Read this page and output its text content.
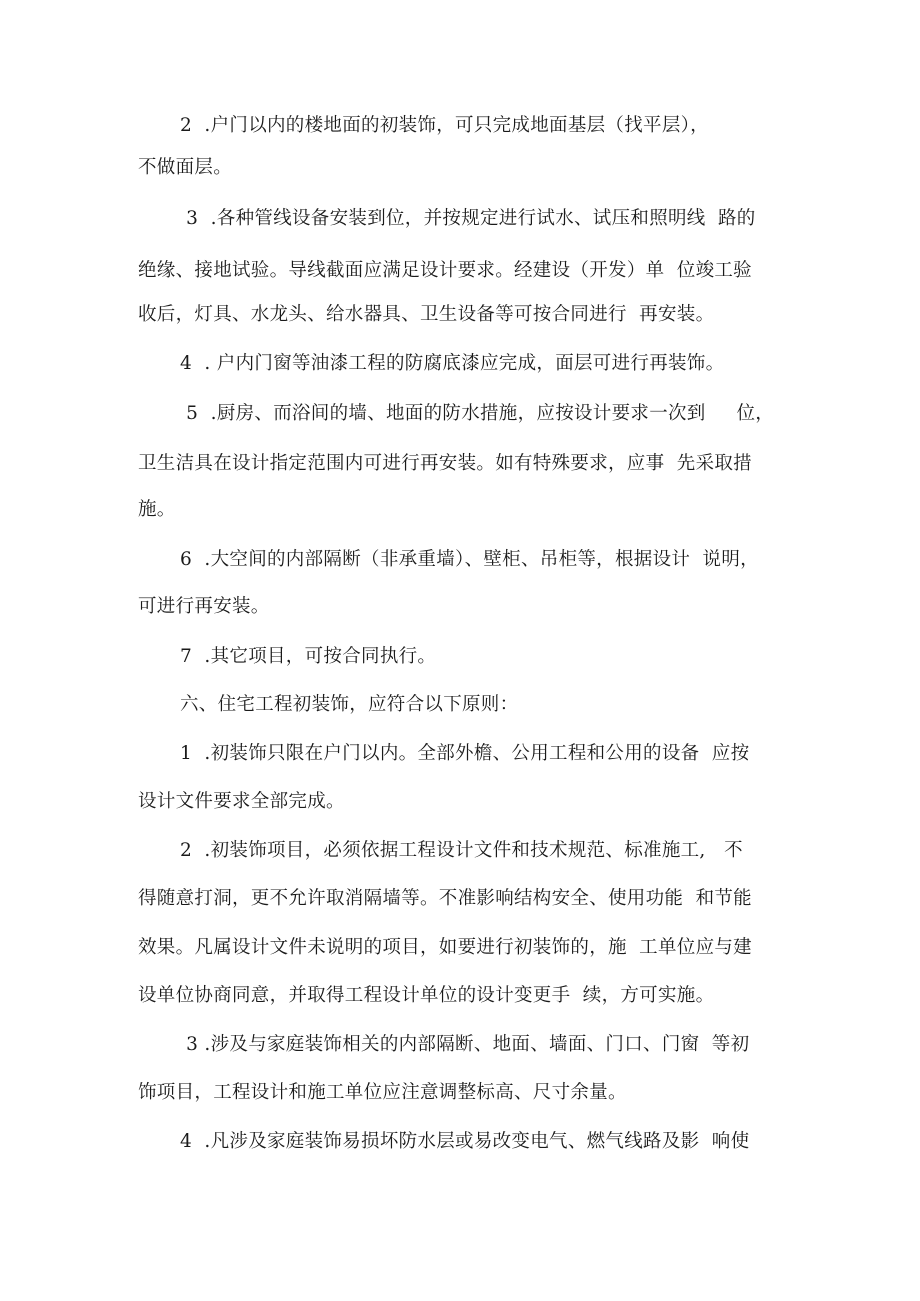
2  .户门以内的楼地面的初装饰，可只完成地面基层（找平层），
不做面层。
3  .各种管线设备安装到位，并按规定进行试水、试压和照明线  路的
绝缘、接地试验。导线截面应满足设计要求。经建设（开发）单  位竣工验
收后，灯具、水龙头、给水器具、卫生设备等可按合同进行  再安装。
4  . 户内门窗等油漆工程的防腐底漆应完成，面层可进行再装饰。
5  .厨房、而浴间的墙、地面的防水措施，应按设计要求一次到     位，
卫生洁具在设计指定范围内可进行再安装。如有特殊要求，应事  先采取措
施。
6  .大空间的内部隔断（非承重墙）、壁柜、吊柜等，根据设计  说明，
可进行再安装。
7  .其它项目，可按合同执行。
六、住宅工程初装饰，应符合以下原则：
1  .初装饰只限在户门以内。全部外檐、公用工程和公用的设备  应按
设计文件要求全部完成。
2  .初装饰项目，必须依据工程设计文件和技术规范、标准施工,   不
得随意打洞，更不允许取消隔墙等。不准影响结构安全、使用功能  和节能
效果。凡属设计文件未说明的项目，如要进行初装饰的，施  工单位应与建
设单位协商同意，并取得工程设计单位的设计变更手  续，方可实施。
3 .涉及与家庭装饰相关的内部隔断、地面、墙面、门口、门窗  等初
饰项目，工程设计和施工单位应注意调整标高、尺寸余量。
4  .凡涉及家庭装饰易损坏防水层或易改变电气、燃气线路及影  响使
